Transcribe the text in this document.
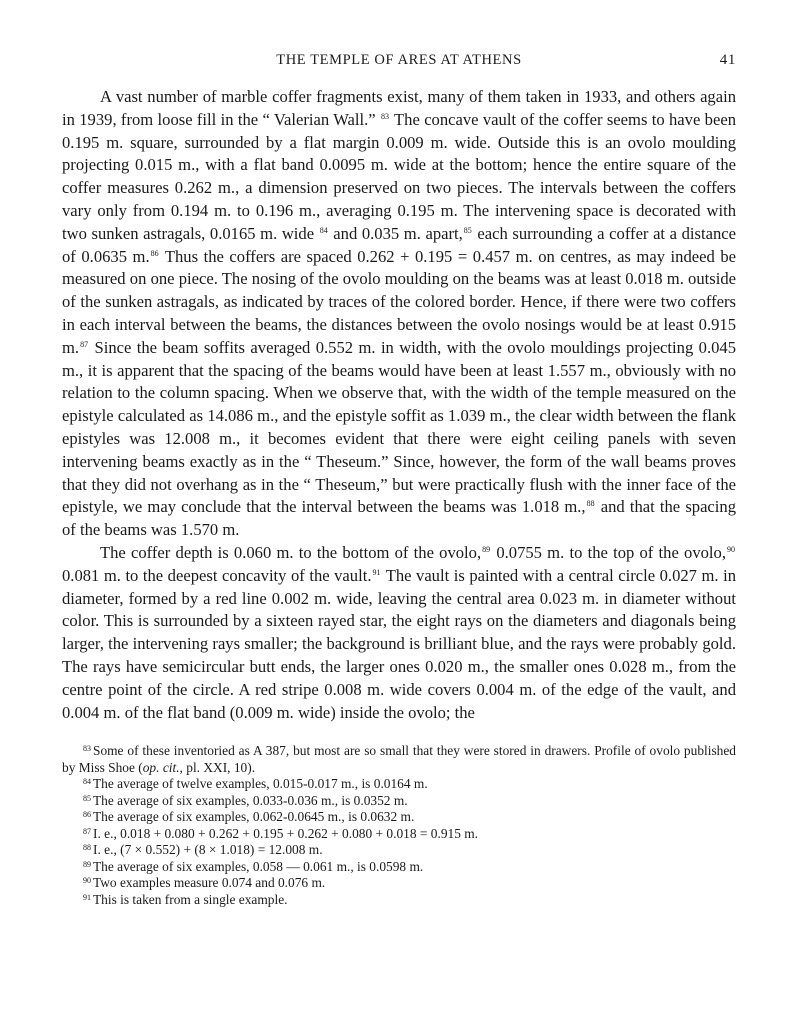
THE TEMPLE OF ARES AT ATHENS	41

A vast number of marble coffer fragments exist, many of them taken in 1933, and others again in 1939, from loose fill in the “ Valerian Wall.” $^{83}$ The concave vault of the coffer seems to have been 0.195 m. square, surrounded by a flat margin 0.009 m. wide. Outside this is an ovolo moulding projecting 0.015 m., with a flat band 0.0095 m. wide at the bottom; hence the entire square of the coffer measures 0.262 m., a dimension preserved on two pieces. The intervals between the coffers vary only from 0.194 m. to 0.196 m., averaging 0.195 m. The intervening space is decorated with two sunken astragals, 0.0165 m. wide $^{84}$ and 0.035 m. apart,$^{85}$ each surrounding a coffer at a distance of 0.0635 m.$^{86}$ Thus the coffers are spaced 0.262 + 0.195 = 0.457 m. on centres, as may indeed be measured on one piece. The nosing of the ovolo moulding on the beams was at least 0.018 m. outside of the sunken astragals, as indicated by traces of the colored border. Hence, if there were two coffers in each interval between the beams, the distances between the ovolo nosings would be at least 0.915 m.$^{87}$ Since the beam soffits averaged 0.552 m. in width, with the ovolo mouldings projecting 0.045 m., it is apparent that the spacing of the beams would have been at least 1.557 m., obviously with no relation to the column spacing. When we observe that, with the width of the temple measured on the epistyle calculated as 14.086 m., and the epistyle soffit as 1.039 m., the clear width between the flank epistyles was 12.008 m., it becomes evident that there were eight ceiling panels with seven intervening beams exactly as in the “ Theseum.” Since, however, the form of the wall beams proves that they did not overhang as in the “ Theseum,” but were practically flush with the inner face of the epistyle, we may conclude that the interval between the beams was 1.018 m.,$^{88}$ and that the spacing of the beams was 1.570 m.

The coffer depth is 0.060 m. to the bottom of the ovolo,$^{89}$ 0.0755 m. to the top of the ovolo,$^{90}$ 0.081 m. to the deepest concavity of the vault.$^{91}$ The vault is painted with a central circle 0.027 m. in diameter, formed by a red line 0.002 m. wide, leaving the central area 0.023 m. in diameter without color. This is surrounded by a sixteen rayed star, the eight rays on the diameters and diagonals being larger, the intervening rays smaller; the background is brilliant blue, and the rays were probably gold. The rays have semicircular butt ends, the larger ones 0.020 m., the smaller ones 0.028 m., from the centre point of the circle. A red stripe 0.008 m. wide covers 0.004 m. of the edge of the vault, and 0.004 m. of the flat band (0.009 m. wide) inside the ovolo; the

$^{83}$ Some of these inventoried as A 387, but most are so small that they were stored in drawers. Profile of ovolo published by Miss Shoe (op. cit., pl. XXI, 10).
$^{84}$ The average of twelve examples, 0.015-0.017 m., is 0.0164 m.
$^{85}$ The average of six examples, 0.033-0.036 m., is 0.0352 m.
$^{86}$ The average of six examples, 0.062-0.0645 m., is 0.0632 m.
$^{87}$ I. e., 0.018 + 0.080 + 0.262 + 0.195 + 0.262 + 0.080 + 0.018 = 0.915 m.
$^{88}$ I. e., (7 × 0.552) + (8 × 1.018) = 12.008 m.
$^{89}$ The average of six examples, 0.058 — 0.061 m., is 0.0598 m.
$^{90}$ Two examples measure 0.074 and 0.076 m.
$^{91}$ This is taken from a single example.
